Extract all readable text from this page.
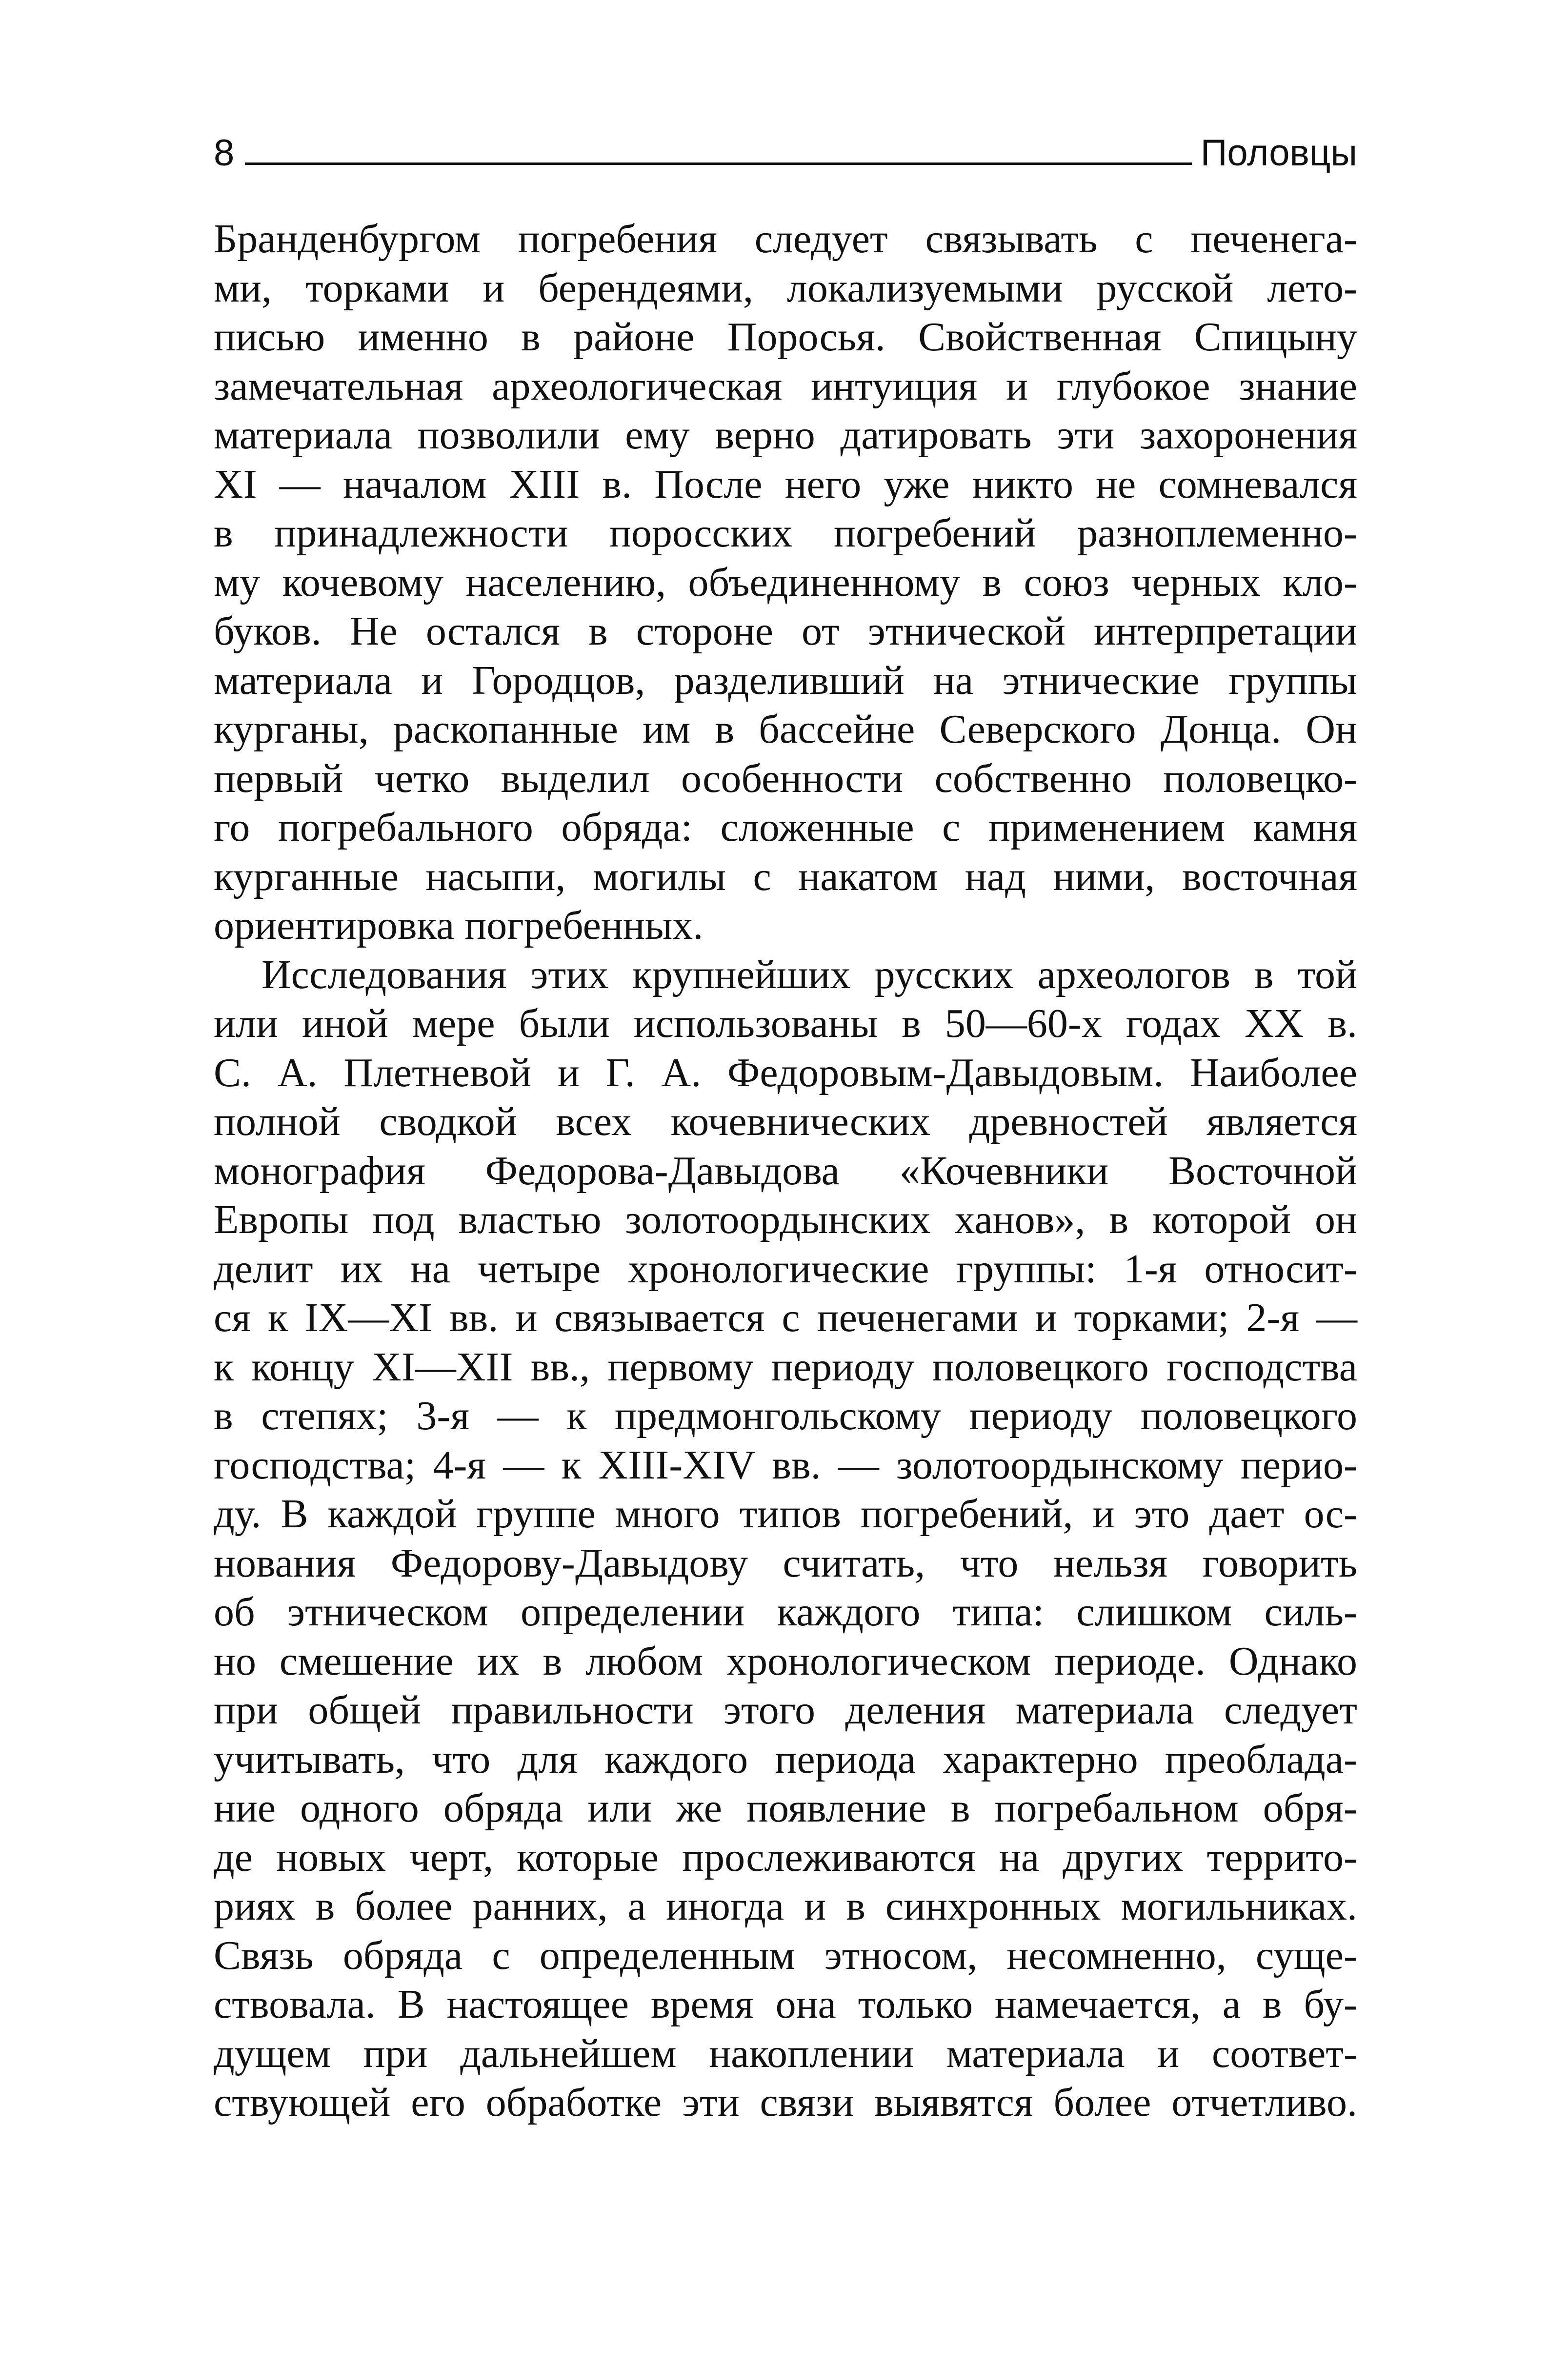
8	Половцы
Бранденбургом погребения следует связывать с печенега-
ми, торками и берендеями, локализуемыми русской лето-
писью именно в районе Поросья. Свойственная Спицыну
замечательная археологическая интуиция и глубокое знание
материала позволили ему верно датировать эти захоронения
XI — началом XIII в. После него уже никто не сомневался
в принадлежности поросских погребений разноплеменно-
му кочевому населению, объединенному в союз черных кло-
буков. Не остался в стороне от этнической интерпретации
материала и Городцов, разделивший на этнические группы
курганы, раскопанные им в бассейне Северского Донца. Он
первый четко выделил особенности собственно половецко-
го погребального обряда: сложенные с применением камня
курганные насыпи, могилы с накатом над ними, восточная
ориентировка погребенных.
Исследования этих крупнейших русских археологов в той
или иной мере были использованы в 50—60-х годах XX в.
С. А. Плетневой и Г. А. Федоровым-Давыдовым. Наиболее
полной сводкой всех кочевнических древностей является
монография Федорова-Давыдова «Кочевники Восточной
Европы под властью золотоордынских ханов», в которой он
делит их на четыре хронологические группы: 1-я относит-
ся к IX—XI вв. и связывается с печенегами и торками; 2-я —
к концу XI—XII вв., первому периоду половецкого господства
в степях; 3-я — к предмонгольскому периоду половецкого
господства; 4-я — к XIII-XIV вв. — золотоордынскому перио-
ду. В каждой группе много типов погребений, и это дает ос-
нования Федорову-Давыдову считать, что нельзя говорить
об этническом определении каждого типа: слишком силь-
но смешение их в любом хронологическом периоде. Однако
при общей правильности этого деления материала следует
учитывать, что для каждого периода характерно преоблада-
ние одного обряда или же появление в погребальном обря-
де новых черт, которые прослеживаются на других террито-
риях в более ранних, а иногда и в синхронных могильниках.
Связь обряда с определенным этносом, несомненно, суще-
ствовала. В настоящее время она только намечается, а в бу-
дущем при дальнейшем накоплении материала и соответ-
ствующей его обработке эти связи выявятся более отчетливо.
